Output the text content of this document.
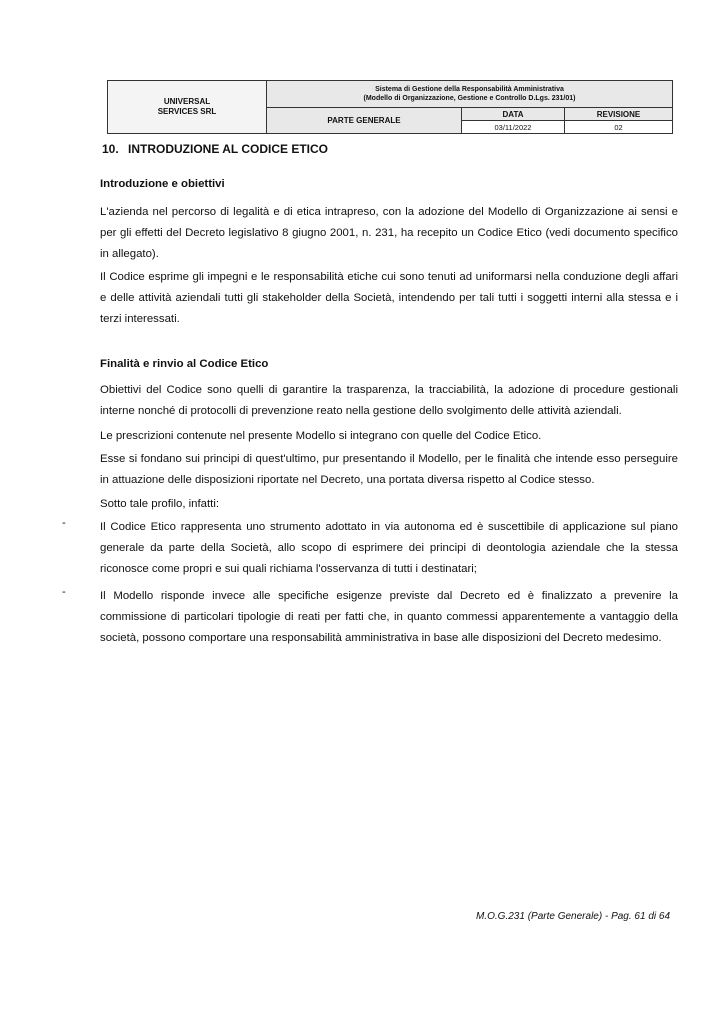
UNIVERSAL
SERVICES SRL
Sistema di Gestione della Responsabilità Amministrativa
(Modello di Organizzazione, Gestione e Controllo D.Lgs. 231/01)
PARTE GENERALE
DATA
03/11/2022
REVISIONE
02
10. INTRODUZIONE AL CODICE ETICO
Introduzione e obiettivi
L'azienda nel percorso di legalità e di etica intrapreso, con la adozione del Modello di Organizzazione ai sensi e per gli effetti del Decreto legislativo 8 giugno 2001, n. 231, ha recepito un Codice Etico (vedi documento specifico in allegato).
Il Codice esprime gli impegni e le responsabilità etiche cui sono tenuti ad uniformarsi nella conduzione degli affari e delle attività aziendali tutti gli stakeholder della Società, intendendo per tali tutti i soggetti interni alla stessa e i terzi interessati.
Finalità e rinvio al Codice Etico
Obiettivi del Codice sono quelli di garantire la trasparenza, la tracciabilità, la adozione di procedure gestionali interne nonché di protocolli di prevenzione reato nella gestione dello svolgimento delle attività aziendali.
Le prescrizioni contenute nel presente Modello si integrano con quelle del Codice Etico.
Esse si fondano sui principi di quest'ultimo, pur presentando il Modello, per le finalità che intende esso perseguire in attuazione delle disposizioni riportate nel Decreto, una portata diversa rispetto al Codice stesso.
Sotto tale profilo, infatti:
-	Il Codice Etico rappresenta uno strumento adottato in via autonoma ed è suscettibile di applicazione sul piano generale da parte della Società, allo scopo di esprimere dei principi di deontologia aziendale che la stessa riconosce come propri e sui quali richiama l'osservanza di tutti i destinatari;
-	Il Modello risponde invece alle specifiche esigenze previste dal Decreto ed è finalizzato a prevenire la commissione di particolari tipologie di reati per fatti che, in quanto commessi apparentemente a vantaggio della società, possono comportare una responsabilità amministrativa in base alle disposizioni del Decreto medesimo.
M.O.G.231 (Parte Generale) - Pag. 61 di 64
